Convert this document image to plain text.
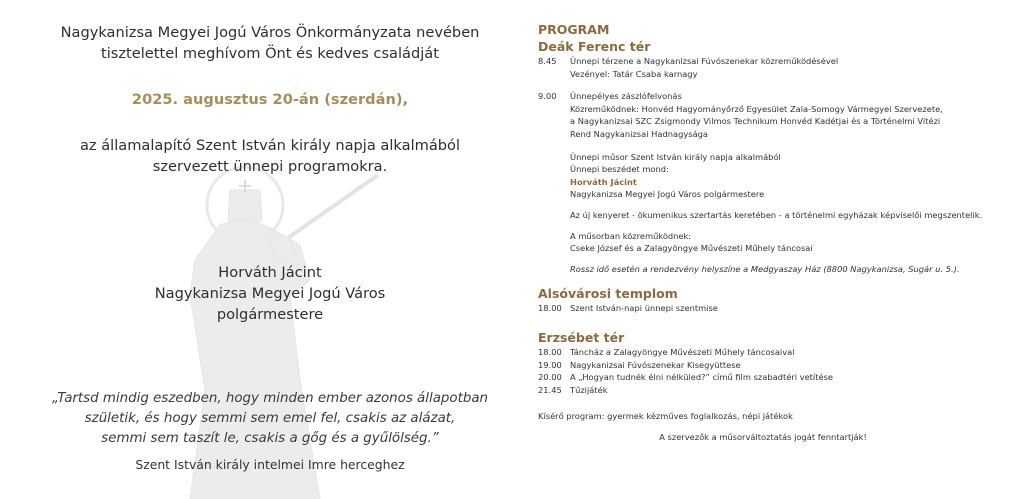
Nagykanizsa Megyei Jogú Város Önkormányzata nevében

tisztelettel meghívom Önt és kedves családját

2025. augusztus 20-án (szerdán),

az államalapító Szent István király napja alkalmából

szervezett ünnepi programokra.

Horváth Jácint

Nagykanizsa Megyei Jogú Város

polgármestere

„Tartsd mindig eszedben, hogy minden ember azonos állapotban
születik, és hogy semmi sem emel fel, csakis az alázat,
semmi sem taszít le, csakis a gőg és a gyűlölség.”

Szent István király intelmei Imre herceghez

PROGRAM

Deák Ferenc tér

8.45	Ünnepi térzene a Nagykanizsai Fúvószenekar közreműködésével
Vezényel: Tatár Csaba karnagy
9.00	Ünnepélyes zászlófelvonás
Közreműködnek: Honvéd Hagyományőrző Egyesület Zala-Somogy Vármegyei Szervezete,
a Nagykanizsai SZC Zsigmondy Vilmos Technikum Honvéd Kadétjai és a Történelmi Vitézi
Rend Nagykanizsai Hadnagysága
Ünnepi műsor Szent István király napja alkalmából
Ünnepi beszédet mond:
Horváth Jácint
Nagykanizsa Megyei Jogú Város polgármestere
Az új kenyeret - ökumenikus szertartás keretében - a történelmi egyházak képviselői megszentelik.
A műsorban közreműködnek:
Cseke József és a Zalagyöngye Művészeti Műhely táncosai
Rossz idő esetén a rendezvény helyszíne a Medgyaszay Ház (8800 Nagykanizsa, Sugár u. 5.).

Alsóvárosi templom

18.00 Szent István-napi ünnepi szentmise

Erzsébet tér

18.00 Táncház a Zalagyöngye Művészeti Műhely táncosaival
19.00 Nagykanizsai Fúvószenekar Kisegyüttese
20.00 A „Hogyan tudnék élni nélküled?” című film szabadtéri vetítése
21.45 Tűzijáték
Kísérő program: gyermek kézműves foglalkozás, népi játékok
A szervezők a műsorváltoztatás jogát fenntartják!
